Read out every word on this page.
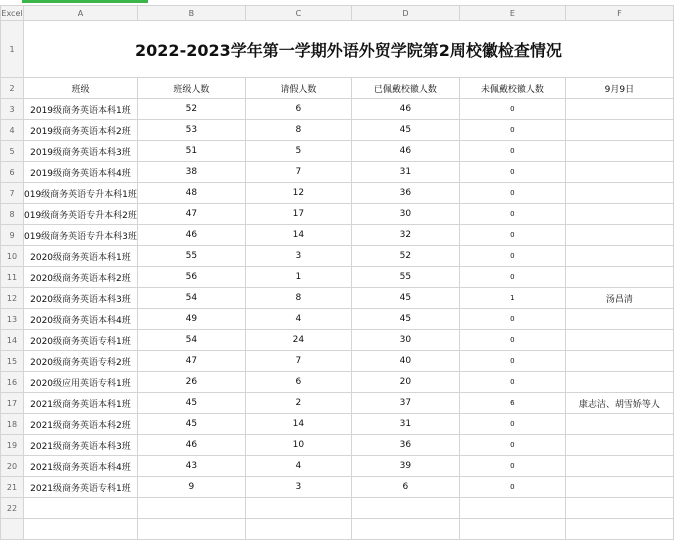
Excel	A	B	C	D	E	F
1	2022-2023学年第一学期外语外贸学院第2周校徽检查情况					
2	班级	班级人数	请假人数	已佩戴校徽人数	未佩戴校徽人数	9月9日
3	2019级商务英语本科1班	52	6	46	0	
4	2019级商务英语本科2班	53	8	45	0	
5	2019级商务英语本科3班	51	5	46	0	
6	2019级商务英语本科4班	38	7	31	0	
7	019级商务英语专升本科1班	48	12	36	0	
8	019级商务英语专升本科2班	47	17	30	0	
9	019级商务英语专升本科3班	46	14	32	0	
10	2020级商务英语本科1班	55	3	52	0	
11	2020级商务英语本科2班	56	1	55	0	
12	2020级商务英语本科3班	54	8	45	1	汤昌清
13	2020级商务英语本科4班	49	4	45	0	
14	2020级商务英语专科1班	54	24	30	0	
15	2020级商务英语专科2班	47	7	40	0	
16	2020级应用英语专科1班	26	6	20	0	
17	2021级商务英语本科1班	45	2	37	6	康志洁、胡雪娇等人
18	2021级商务英语本科2班	45	14	31	0	
19	2021级商务英语本科3班	46	10	36	0	
20	2021级商务英语本科4班	43	4	39	0	
21	2021级商务英语专科1班	9	3	6	0	
22						
